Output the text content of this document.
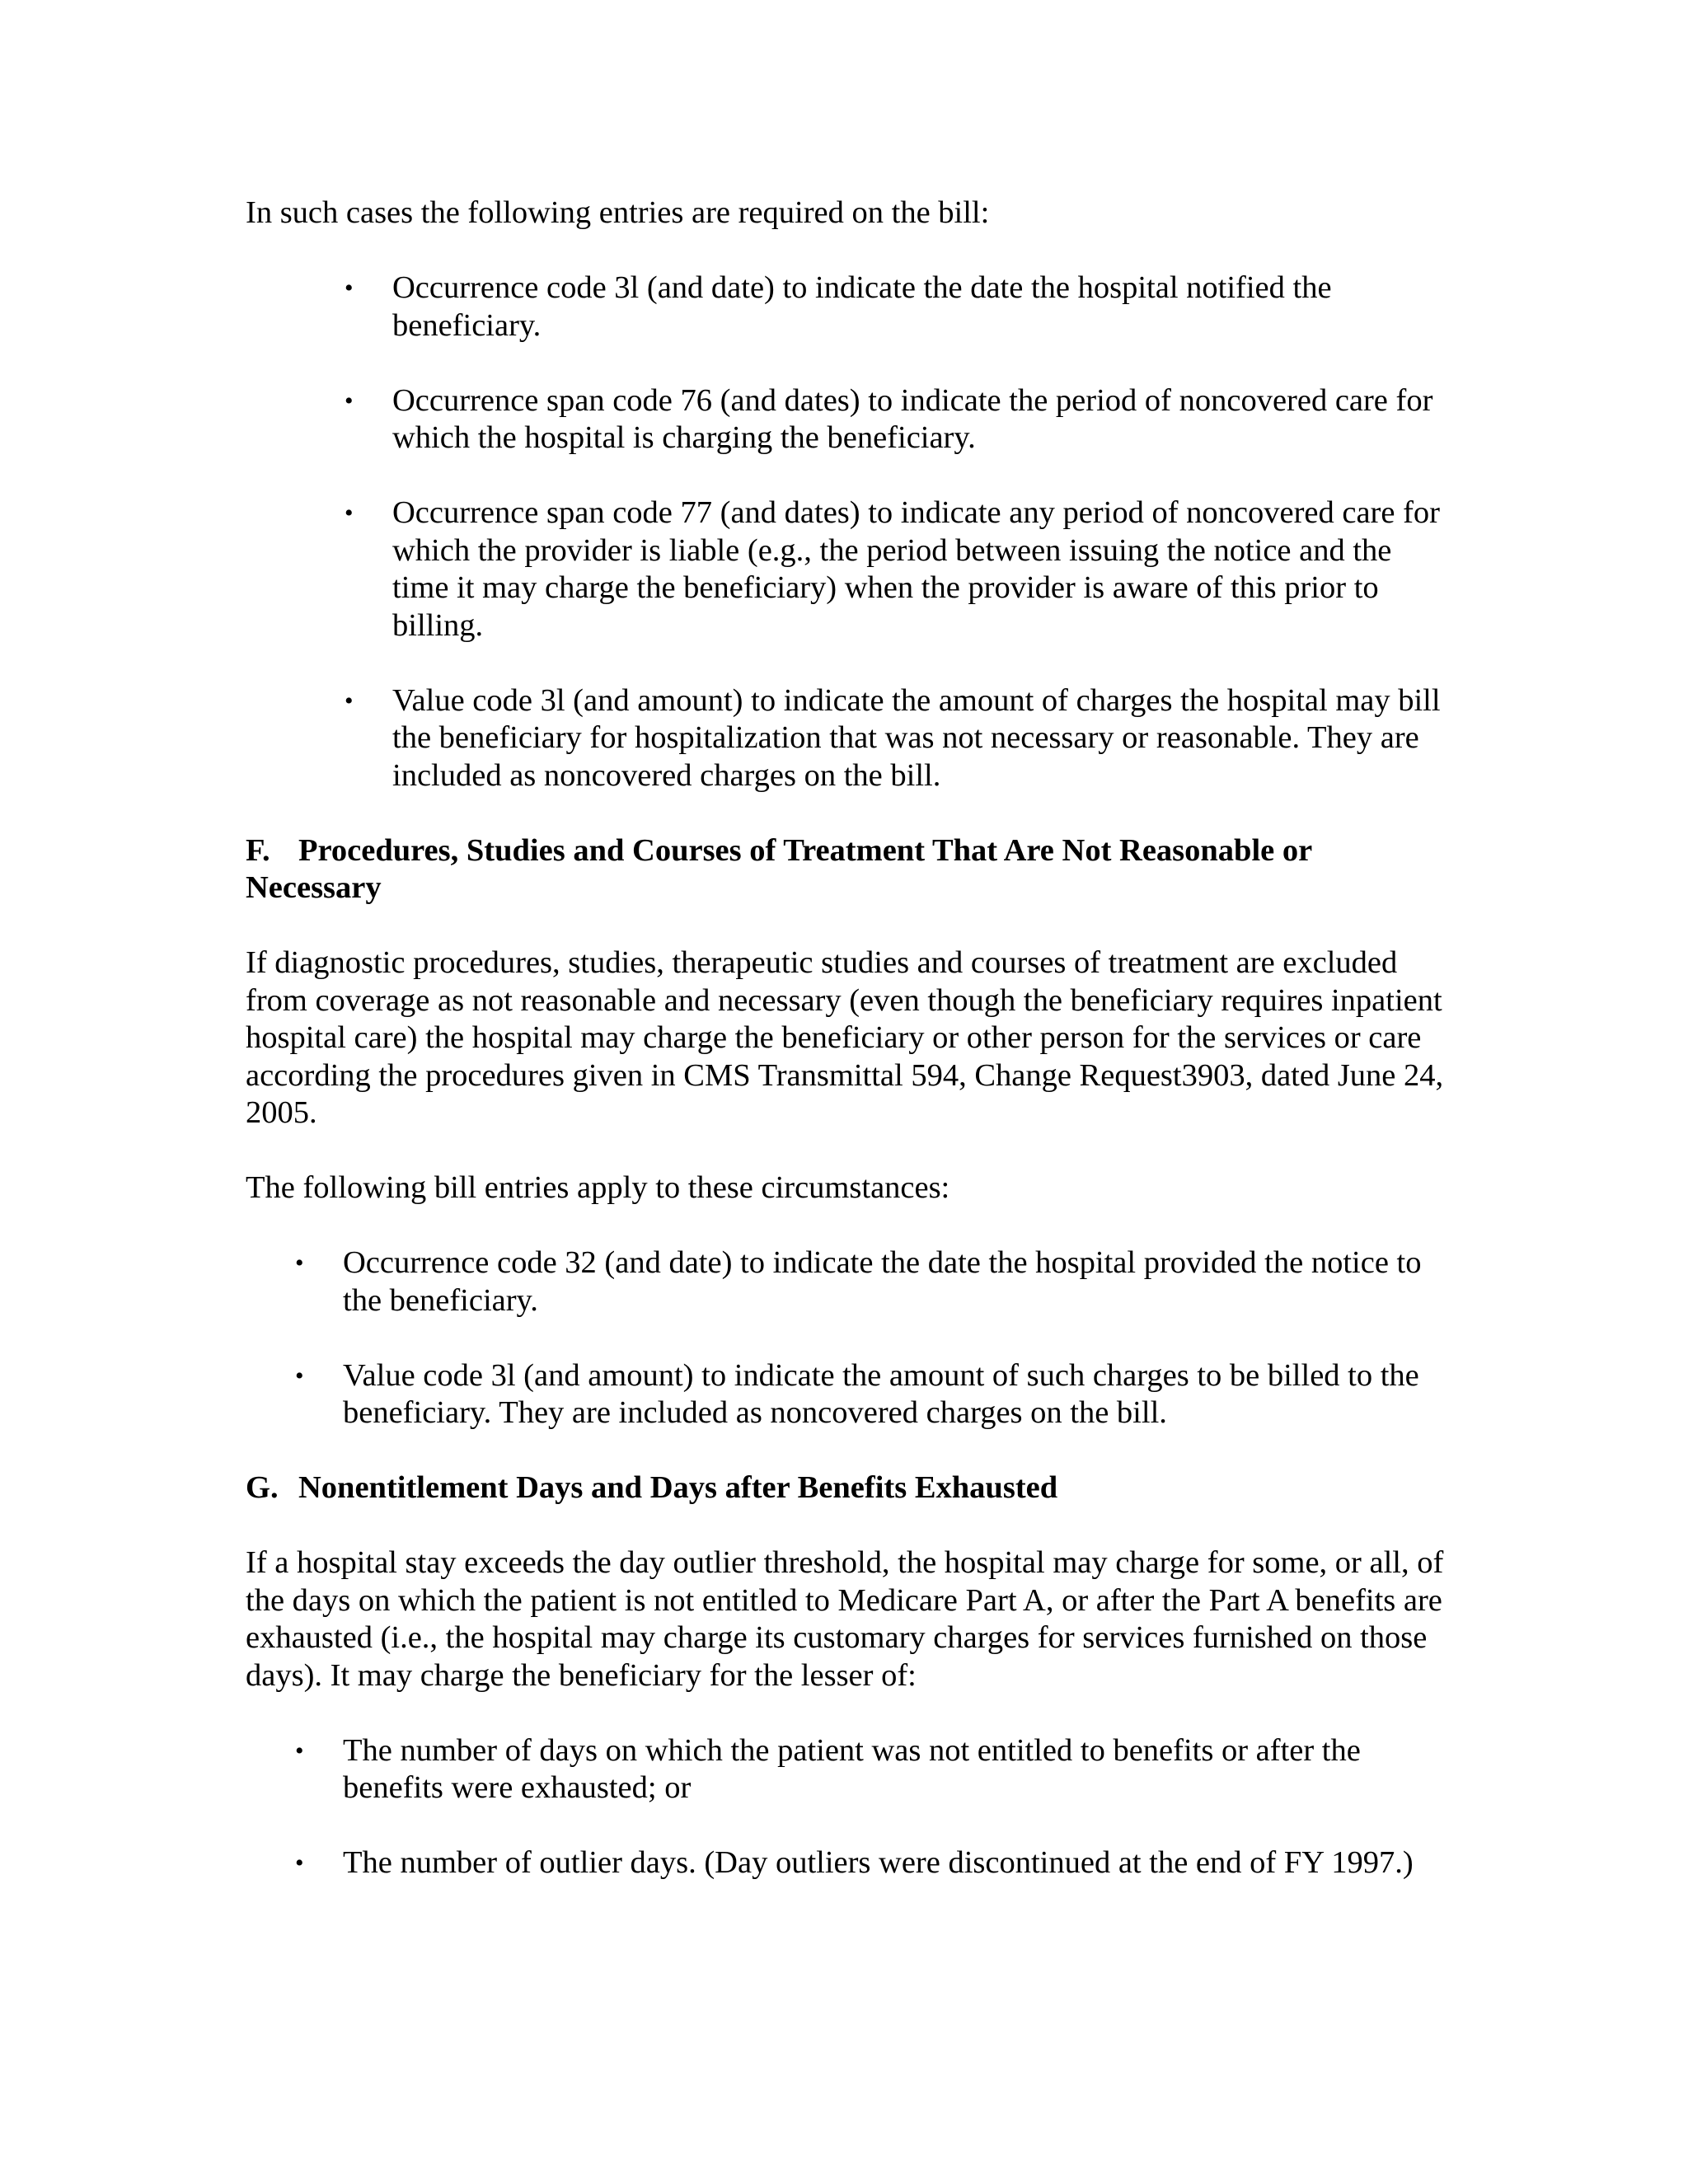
In such cases the following entries are required on the bill:

• Occurrence code 3l (and date) to indicate the date the hospital notified the beneficiary.
• Occurrence span code 76 (and dates) to indicate the period of noncovered care for which the hospital is charging the beneficiary.
• Occurrence span code 77 (and dates) to indicate any period of noncovered care for which the provider is liable (e.g., the period between issuing the notice and the time it may charge the beneficiary) when the provider is aware of this prior to billing.
• Value code 3l (and amount) to indicate the amount of charges the hospital may bill the beneficiary for hospitalization that was not necessary or reasonable. They are included as noncovered charges on the bill.

F. Procedures, Studies and Courses of Treatment That Are Not Reasonable or Necessary

If diagnostic procedures, studies, therapeutic studies and courses of treatment are excluded from coverage as not reasonable and necessary (even though the beneficiary requires inpatient hospital care) the hospital may charge the beneficiary or other person for the services or care according the procedures given in CMS Transmittal 594, Change Request3903, dated June 24, 2005.

The following bill entries apply to these circumstances:

• Occurrence code 32 (and date) to indicate the date the hospital provided the notice to the beneficiary.
• Value code 3l (and amount) to indicate the amount of such charges to be billed to the beneficiary. They are included as noncovered charges on the bill.

G. Nonentitlement Days and Days after Benefits Exhausted

If a hospital stay exceeds the day outlier threshold, the hospital may charge for some, or all, of the days on which the patient is not entitled to Medicare Part A, or after the Part A benefits are exhausted (i.e., the hospital may charge its customary charges for services furnished on those days). It may charge the beneficiary for the lesser of:

• The number of days on which the patient was not entitled to benefits or after the benefits were exhausted; or
• The number of outlier days. (Day outliers were discontinued at the end of FY 1997.)
